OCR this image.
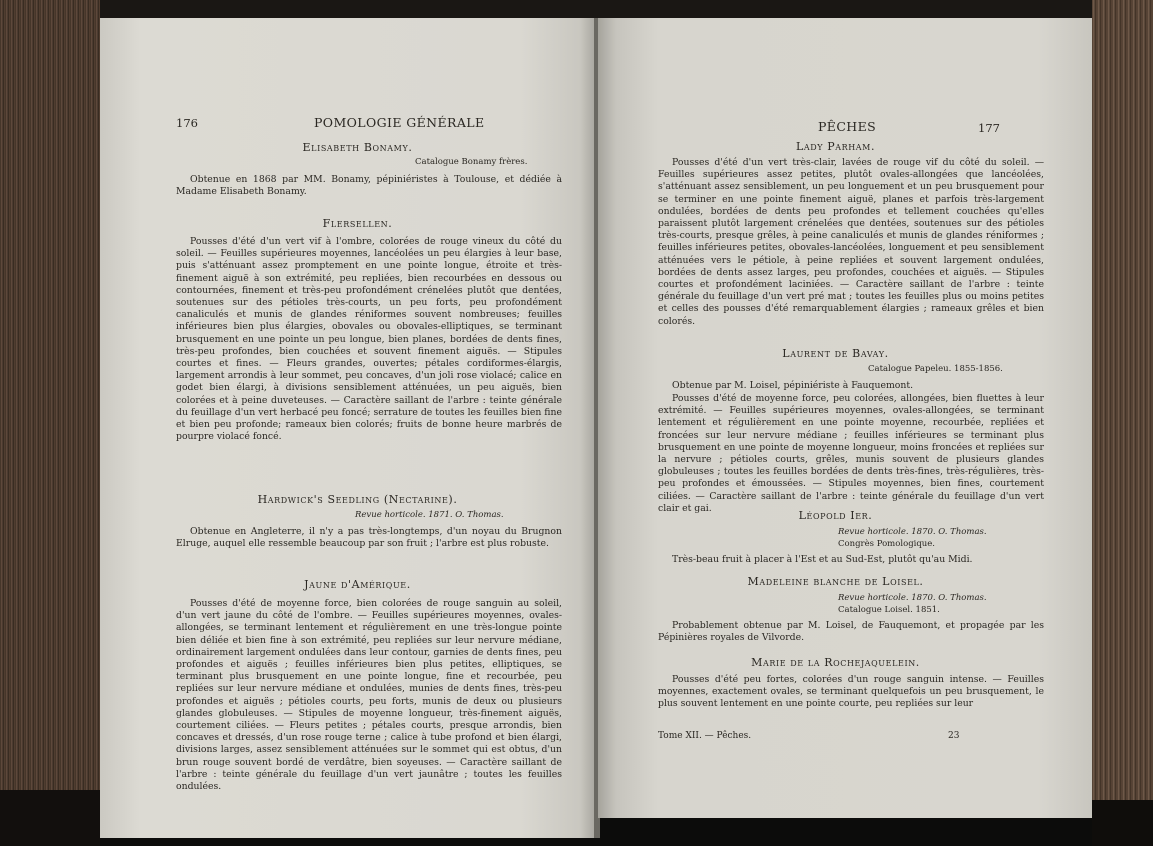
176	POMOLOGIE GÉNÉRALE
Elisabeth Bonamy.
Catalogue Bonamy frères.

Obtenue en 1868 par MM. Bonamy, pépiniéristes à Toulouse, et dédiée à Madame Elisabeth Bonamy.

Flersellen.

Pousses d'été d'un vert vif à l'ombre, colorées de rouge vineux du côté du soleil. — Feuilles supérieures moyennes, lancéolées un peu élargies à leur base, puis s'atténuant assez promptement en une pointe longue, étroite et très-finement aiguë à son extrémité, peu repliées, bien recourbées en dessous ou contournées, finement et très-peu profondément crénelées plutôt que dentées, soutenues sur des pétioles très-courts, un peu forts, peu profondément canaliculés et munis de glandes réniformes souvent nombreuses; feuilles inférieures bien plus élargies, obovales ou obovales-elliptiques, se terminant brusquement en une pointe un peu longue, bien planes, bordées de dents fines, très-peu profondes, bien couchées et souvent finement aiguës. — Stipules courtes et fines. — Fleurs grandes, ouvertes; pétales cordiformes-élargis, largement arrondis à leur sommet, peu concaves, d'un joli rose violacé; calice en godet bien élargi, à divisions sensiblement atténuées, un peu aiguës, bien colorées et à peine duveteuses. — Caractère saillant de l'arbre : teinte générale du feuillage d'un vert herbacé peu foncé; serrature de toutes les feuilles bien fine et bien peu profonde; rameaux bien colorés; fruits de bonne heure marbrés de pourpre violacé foncé.

Hardwick's Seedling (Nectarine).
Revue horticole. 1871. O. Thomas.

Obtenue en Angleterre, il n'y a pas très-longtemps, d'un noyau du Brugnon Elruge, auquel elle ressemble beaucoup par son fruit ; l'arbre est plus robuste.

Jaune d'Amérique.

Pousses d'été de moyenne force, bien colorées de rouge sanguin au soleil, d'un vert jaune du côté de l'ombre. — Feuilles supérieures moyennes, ovales-allongées, se terminant lentement et régulièrement en une très-longue pointe bien déliée et bien fine à son extrémité, peu repliées sur leur nervure médiane, ordinairement largement ondulées dans leur contour, garnies de dents fines, peu profondes et aiguës ; feuilles inférieures bien plus petites, elliptiques, se terminant plus brusquement en une pointe longue, fine et recourbée, peu repliées sur leur nervure médiane et ondulées, munies de dents fines, très-peu profondes et aiguës ; pétioles courts, peu forts, munis de deux ou plusieurs glandes globuleuses. — Stipules de moyenne longueur, très-finement aiguës, courtement ciliées. — Fleurs petites ; pétales courts, presque arrondis, bien concaves et dressés, d'un rose rouge terne ; calice à tube profond et bien élargi, divisions larges, assez sensiblement atténuées sur le sommet qui est obtus, d'un brun rouge souvent bordé de verdâtre, bien soyeuses. — Caractère saillant de l'arbre : teinte générale du feuillage d'un vert jaunâtre ; toutes les feuilles ondulées.

PÊCHES	177
Lady Parham.

Pousses d'été d'un vert très-clair, lavées de rouge vif du côté du soleil. — Feuilles supérieures assez petites, plutôt ovales-allongées que lancéolées, s'atténuant assez sensiblement, un peu longuement et un peu brusquement pour se terminer en une pointe finement aiguë, planes et parfois très-largement ondulées, bordées de dents peu profondes et tellement couchées qu'elles paraissent plutôt largement crénelées que dentées, soutenues sur des pétioles très-courts, presque grêles, à peine canaliculés et munis de glandes réniformes ; feuilles inférieures petites, obovales-lancéolées, longuement et peu sensiblement atténuées vers le pétiole, à peine repliées et souvent largement ondulées, bordées de dents assez larges, peu profondes, couchées et aiguës. — Stipules courtes et profondément laciniées. — Caractère saillant de l'arbre : teinte générale du feuillage d'un vert pré mat ; toutes les feuilles plus ou moins petites et celles des pousses d'été remarquablement élargies ; rameaux grêles et bien colorés.

Laurent de Bavay.
Catalogue Papeleu. 1855-1856.

Obtenue par M. Loisel, pépiniériste à Fauquemont.

Pousses d'été de moyenne force, peu colorées, allongées, bien fluettes à leur extrémité. — Feuilles supérieures moyennes, ovales-allongées, se terminant lentement et régulièrement en une pointe moyenne, recourbée, repliées et froncées sur leur nervure médiane ; feuilles inférieures se terminant plus brusquement en une pointe de moyenne longueur, moins froncées et repliées sur la nervure ; pétioles courts, grêles, munis souvent de plusieurs glandes globuleuses ; toutes les feuilles bordées de dents très-fines, très-régulières, très-peu profondes et émoussées. — Stipules moyennes, bien fines, courtement ciliées. — Caractère saillant de l'arbre : teinte générale du feuillage d'un vert clair et gai.

Léopold Ier.
Revue horticole. 1870. O. Thomas.
Congrès Pomologique.

Très-beau fruit à placer à l'Est et au Sud-Est, plutôt qu'au Midi.

Madeleine blanche de Loisel.
Revue horticole. 1870. O. Thomas.
Catalogue Loisel. 1851.

Probablement obtenue par M. Loisel, de Fauquemont, et propagée par les Pépinières royales de Vilvorde.

Marie de la Rochejaquelein.

Pousses d'été peu fortes, colorées d'un rouge sanguin intense. — Feuilles moyennes, exactement ovales, se terminant quelquefois un peu brusquement, le plus souvent lentement en une pointe courte, peu repliées sur leur

Tome XII. — Pêches.	23
